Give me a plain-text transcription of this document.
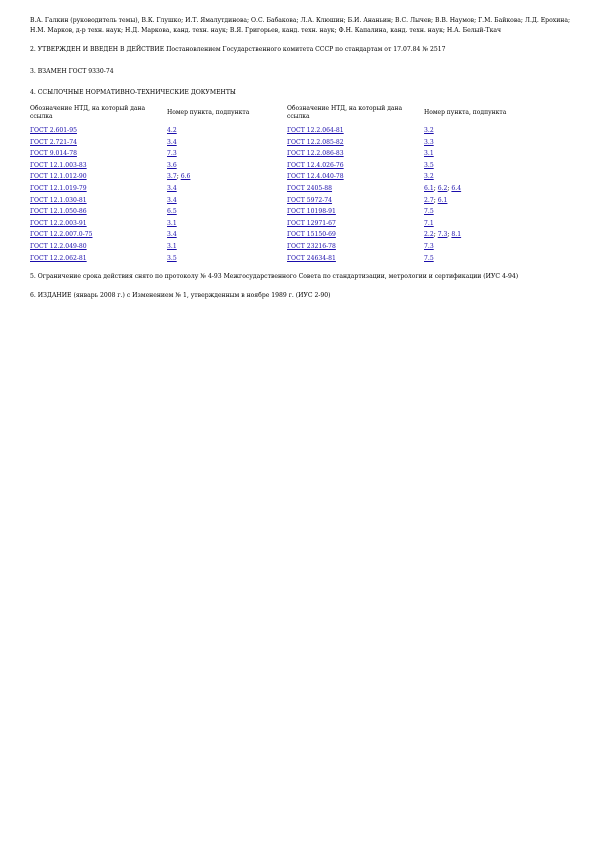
В.А. Галкин (руководитель темы), В.К. Глушко; И.Т. Ямалутдинова; О.С. Бабакова; Л.А. Клюшин; Б.И. Ананьин; В.С. Лычев; В.В. Наумов; Г.М. Байкова; Л.Д. Ерохина; Н.М. Марков, д-р техн. наук; Н.Д. Маркова, канд. техн. наук; В.Я. Григорьев, канд. техн. наук; Ф.Н. Капалина, канд. техн. наук; Н.А. Белый-Ткач

2. УТВЕРЖДЕН И ВВЕДЕН В ДЕЙСТВИЕ Постановлением Государственного комитета СССР по стандартам от 17.07.84 № 2517

3. ВЗАМЕН ГОСТ 9330-74

4. ССЫЛОЧНЫЕ НОРМАТИВНО-ТЕХНИЧЕСКИЕ ДОКУМЕНТЫ

Обозначение НТД, на который дана ссылка
Номер пункта, подпункта
ГОСТ 2.601-95	4.2
ГОСТ 2.721-74	3.4
ГОСТ 9.014-78	7.3
ГОСТ 12.1.003-83	3.6
ГОСТ 12.1.012-90	3.7; 6.6
ГОСТ 12.1.019-79	3.4
ГОСТ 12.1.030-81	3.4
ГОСТ 12.1.050-86	6.5
ГОСТ 12.2.003-91	3.1
ГОСТ 12.2.007.0-75	3.4
ГОСТ 12.2.049-80	3.1
ГОСТ 12.2.062-81	3.5
Обозначение НТД, на который дана ссылка
Номер пункта, подпункта
ГОСТ 12.2.064-81	3.2
ГОСТ 12.2.085-82	3.3
ГОСТ 12.2.086-83	3.1
ГОСТ 12.4.026-76	3.5
ГОСТ 12.4.040-78	3.2
ГОСТ 2405-88	6.1; 6.2; 6.4
ГОСТ 5972-74	2.7; 6.1
ГОСТ 10198-91	7.5
ГОСТ 12971-67	7.1
ГОСТ 15150-69	2.2; 7.3; 8.1
ГОСТ 23216-78	7.3
ГОСТ 24634-81	7.5

5. Ограничение срока действия снято по протоколу № 4-93 Межгосударственного Совета по стандартизации, метрологии и сертификации (ИУС 4-94)

6. ИЗДАНИЕ (январь 2008 г.) с Изменением № 1, утвержденным в ноябре 1989 г. (ИУС 2-90)
